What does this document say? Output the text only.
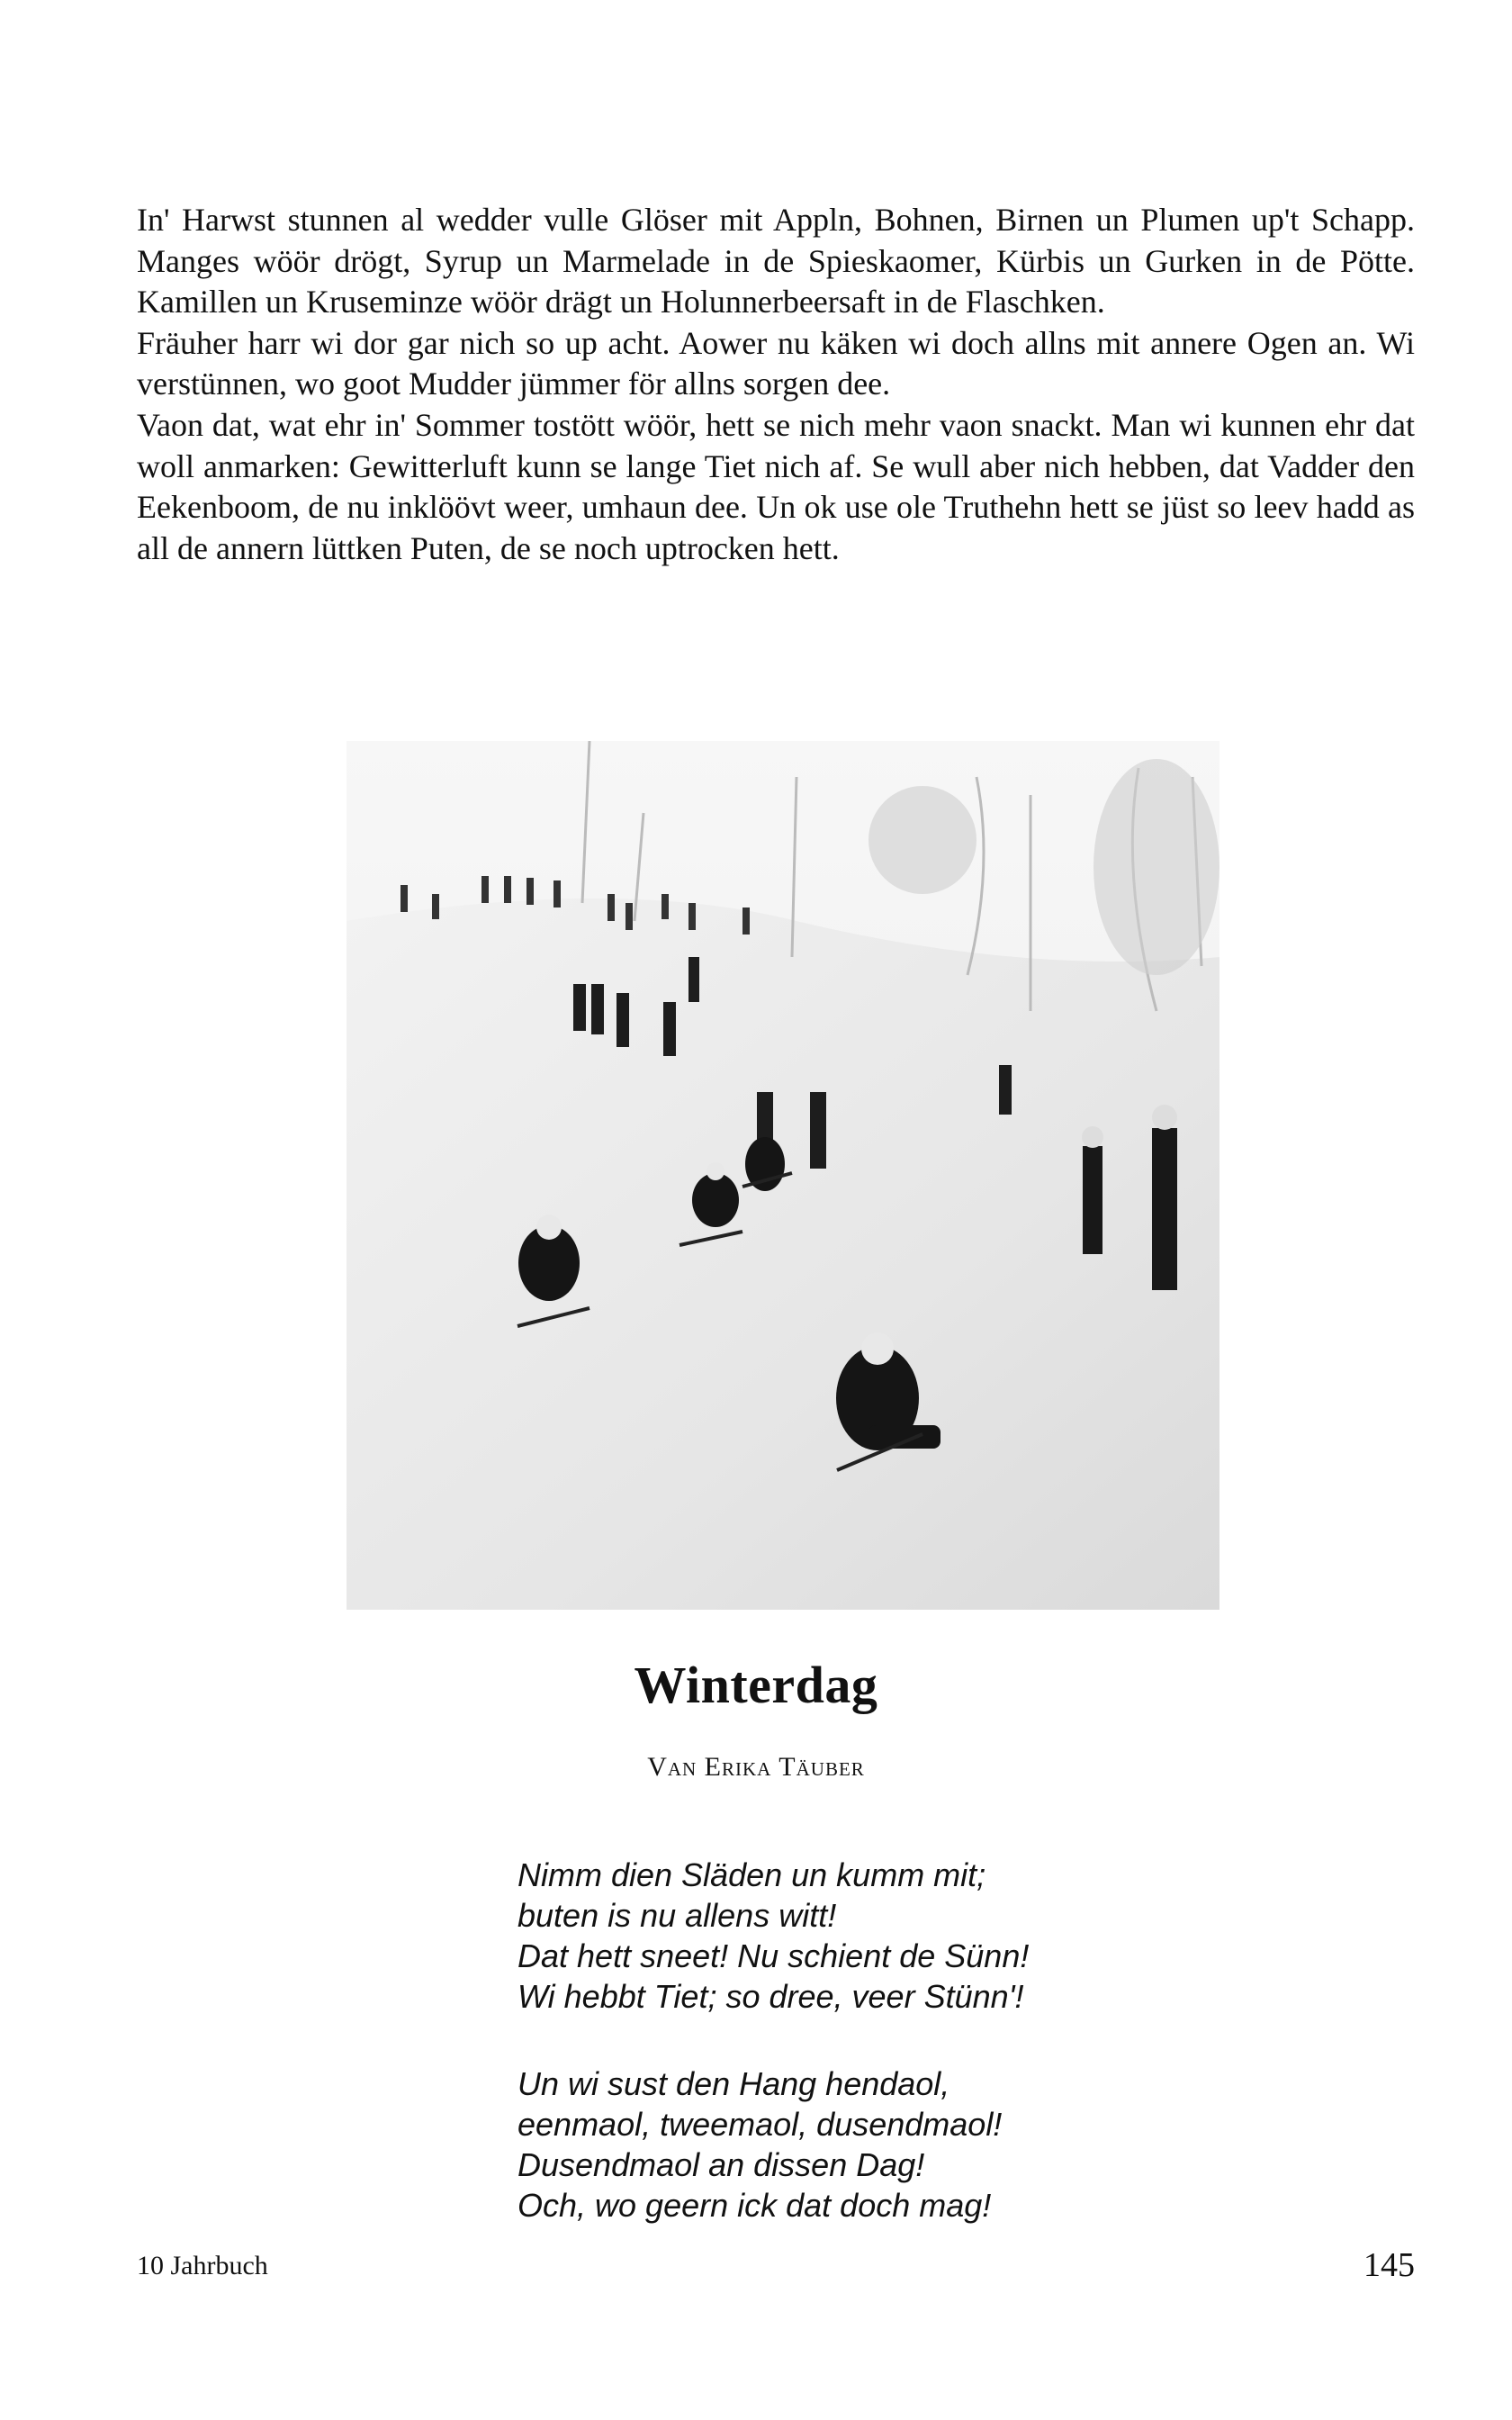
In' Harwst stunnen al wedder vulle Glöser mit Appln, Bohnen, Birnen un Plumen up't Schapp. Manges wöör drögt, Syrup un Marmelade in de Spieskaomer, Kürbis un Gurken in de Pötte. Kamillen un Kruseminze wöör drägt un Holunnerbeersaft in de Flaschken.

Fräuher harr wi dor gar nich so up acht. Aower nu käken wi doch allns mit annere Ogen an. Wi verstünnen, wo goot Mudder jümmer för allns sorgen dee.

Vaon dat, wat ehr in' Sommer tostött wöör, hett se nich mehr vaon snackt. Man wi kunnen ehr dat woll anmarken: Gewitterluft kunn se lange Tiet nich af. Se wull aber nich hebben, dat Vadder den Eekenboom, de nu inklöövt weer, umhaun dee. Un ok use ole Truthehn hett se jüst so leev hadd as all de annern lüttken Puten, de se noch uptrocken hett.

Winterdag
Van Erika Täuber
Nimm dien Släden un kumm mit;
buten is nu allens witt!
Dat hett sneet! Nu schient de Sünn!
Wi hebbt Tiet; so dree, veer Stünn'!
Un wi sust den Hang hendaol,
eenmaol, tweemaol, dusendmaol!
Dusendmaol an dissen Dag!
Och, wo geern ick dat doch mag!
10 Jahrbuch	145
